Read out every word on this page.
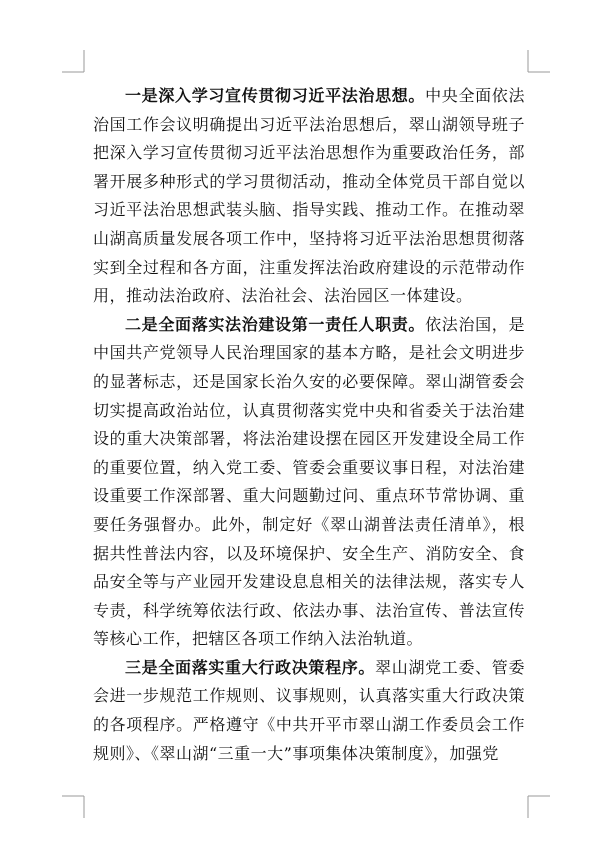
一是深入学习宣传贯彻习近平法治思想。中央全面依法治国工作会议明确提出习近平法治思想后，翠山湖领导班子把深入学习宣传贯彻习近平法治思想作为重要政治任务，部署开展多种形式的学习贯彻活动，推动全体党员干部自觉以习近平法治思想武装头脑、指导实践、推动工作。在推动翠山湖高质量发展各项工作中，坚持将习近平法治思想贯彻落实到全过程和各方面，注重发挥法治政府建设的示范带动作用，推动法治政府、法治社会、法治园区一体建设。

二是全面落实法治建设第一责任人职责。依法治国，是中国共产党领导人民治理国家的基本方略，是社会文明进步的显著标志，还是国家长治久安的必要保障。翠山湖管委会切实提高政治站位，认真贯彻落实党中央和省委关于法治建设的重大决策部署，将法治建设摆在园区开发建设全局工作的重要位置，纳入党工委、管委会重要议事日程，对法治建设重要工作深部署、重大问题勤过问、重点环节常协调、重要任务强督办。此外，制定好《翠山湖普法责任清单》，根据共性普法内容，以及环境保护、安全生产、消防安全、食品安全等与产业园开发建设息息相关的法律法规，落实专人专责，科学统筹依法行政、依法办事、法治宣传、普法宣传等核心工作，把辖区各项工作纳入法治轨道。

三是全面落实重大行政决策程序。翠山湖党工委、管委会进一步规范工作规则、议事规则，认真落实重大行政决策的各项程序。严格遵守《中共开平市翠山湖工作委员会工作规则》、《翠山湖“三重一大”事项集体决策制度》，加强党
